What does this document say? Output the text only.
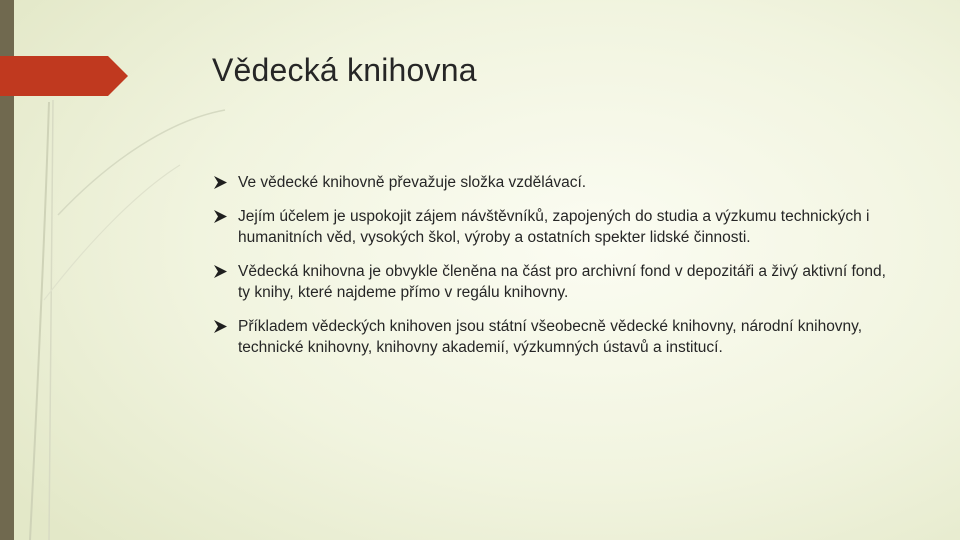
Vědecká knihovna
Ve vědecké knihovně převažuje složka vzdělávací.
Jejím účelem je uspokojit zájem návštěvníků, zapojených do studia a výzkumu technických i humanitních věd, vysokých škol, výroby a ostatních spekter lidské činnosti.
Vědecká knihovna je obvykle členěna na část pro archivní fond v depozitáři a živý aktivní fond, ty knihy, které najdeme přímo v regálu knihovny.
Příkladem vědeckých knihoven jsou státní všeobecně vědecké knihovny, národní knihovny, technické knihovny, knihovny akademií, výzkumných ústavů a institucí.
